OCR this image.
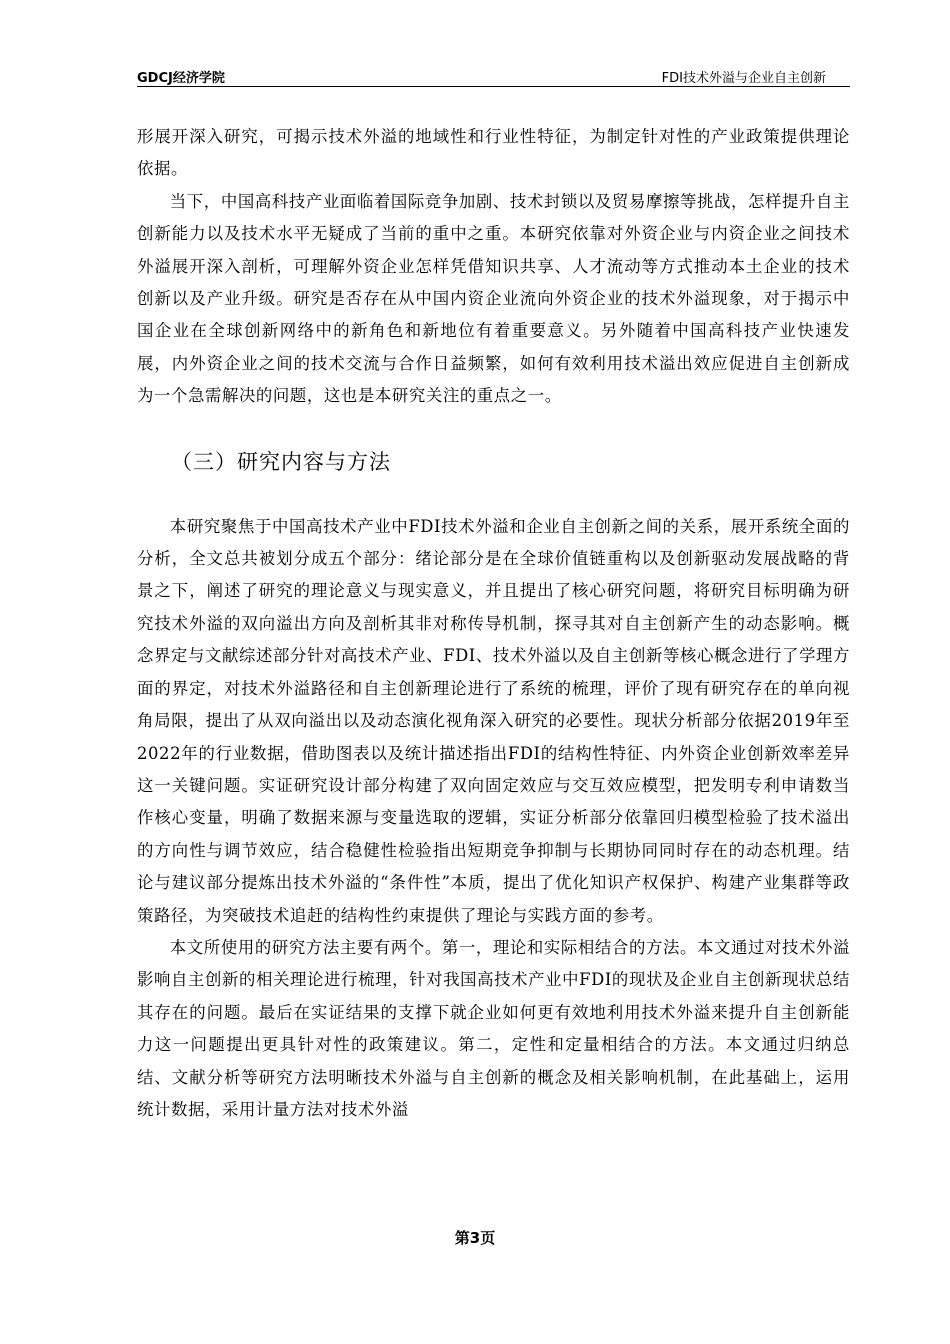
GDCJ经济学院	FDI技术外溢与企业自主创新

形展开深入研究，可揭示技术外溢的地域性和行业性特征，为制定针对性的产业政策提供理论依据。

当下，中国高科技产业面临着国际竞争加剧、技术封锁以及贸易摩擦等挑战，怎样提升自主创新能力以及技术水平无疑成了当前的重中之重。本研究依靠对外资企业与内资企业之间技术外溢展开深入剖析，可理解外资企业怎样凭借知识共享、人才流动等方式推动本土企业的技术创新以及产业升级。研究是否存在从中国内资企业流向外资企业的技术外溢现象，对于揭示中国企业在全球创新网络中的新角色和新地位有着重要意义。另外随着中国高科技产业快速发展，内外资企业之间的技术交流与合作日益频繁，如何有效利用技术溢出效应促进自主创新成为一个急需解决的问题，这也是本研究关注的重点之一。

（三）研究内容与方法

本研究聚焦于中国高技术产业中FDI技术外溢和企业自主创新之间的关系，展开系统全面的分析，全文总共被划分成五个部分：绪论部分是在全球价值链重构以及创新驱动发展战略的背景之下，阐述了研究的理论意义与现实意义，并且提出了核心研究问题，将研究目标明确为研究技术外溢的双向溢出方向及剖析其非对称传导机制，探寻其对自主创新产生的动态影响。概念界定与文献综述部分针对高技术产业、FDI、技术外溢以及自主创新等核心概念进行了学理方面的界定，对技术外溢路径和自主创新理论进行了系统的梳理，评价了现有研究存在的单向视角局限，提出了从双向溢出以及动态演化视角深入研究的必要性。现状分析部分依据2019年至2022年的行业数据，借助图表以及统计描述指出FDI的结构性特征、内外资企业创新效率差异这一关键问题。实证研究设计部分构建了双向固定效应与交互效应模型，把发明专利申请数当作核心变量，明确了数据来源与变量选取的逻辑，实证分析部分依靠回归模型检验了技术溢出的方向性与调节效应，结合稳健性检验指出短期竞争抑制与长期协同同时存在的动态机理。结论与建议部分提炼出技术外溢的“条件性”本质，提出了优化知识产权保护、构建产业集群等政策路径，为突破技术追赶的结构性约束提供了理论与实践方面的参考。

本文所使用的研究方法主要有两个。第一，理论和实际相结合的方法。本文通过对技术外溢影响自主创新的相关理论进行梳理，针对我国高技术产业中FDI的现状及企业自主创新现状总结其存在的问题。最后在实证结果的支撑下就企业如何更有效地利用技术外溢来提升自主创新能力这一问题提出更具针对性的政策建议。第二，定性和定量相结合的方法。本文通过归纳总结、文献分析等研究方法明晰技术外溢与自主创新的概念及相关影响机制，在此基础上，运用统计数据，采用计量方法对技术外溢

第3页
